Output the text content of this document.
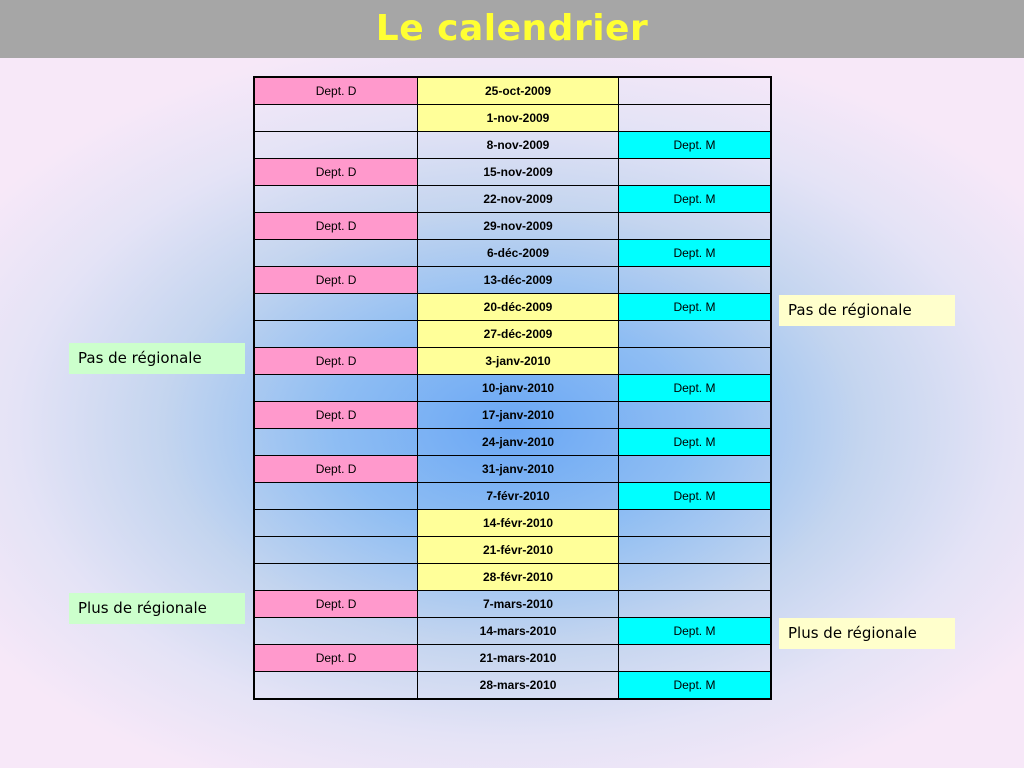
Le calendrier
Dept. D	25-oct-2009	
	1-nov-2009	
	8-nov-2009	Dept. M
Dept. D	15-nov-2009	
	22-nov-2009	Dept. M
Dept. D	29-nov-2009	
	6-déc-2009	Dept. M
Dept. D	13-déc-2009	
	20-déc-2009	Dept. M
	27-déc-2009	
Dept. D	3-janv-2010	
	10-janv-2010	Dept. M
Dept. D	17-janv-2010	
	24-janv-2010	Dept. M
Dept. D	31-janv-2010	
	7-févr-2010	Dept. M
	14-févr-2010	
	21-févr-2010	
	28-févr-2010	
Dept. D	7-mars-2010	
	14-mars-2010	Dept. M
Dept. D	21-mars-2010	
	28-mars-2010	Dept. M
Pas de régionale
Plus de régionale
Pas de régionale
Plus de régionale
